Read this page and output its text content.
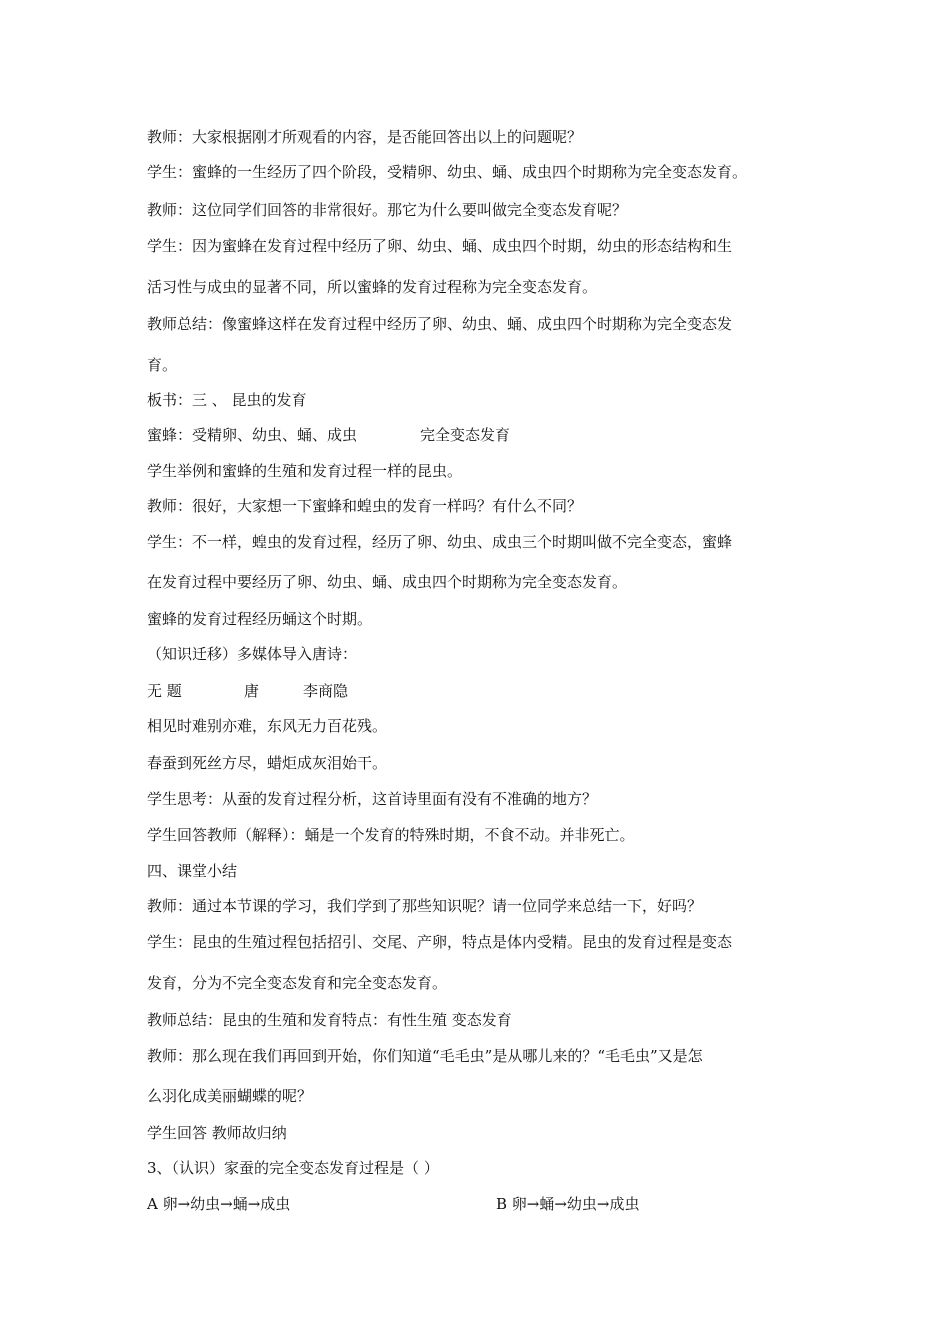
教师：大家根据刚才所观看的内容，是否能回答出以上的问题呢？
学生：蜜蜂的一生经历了四个阶段，受精卵、幼虫、蛹、成虫四个时期称为完全变态发育。
教师：这位同学们回答的非常很好。那它为什么要叫做完全变态发育呢？
学生：因为蜜蜂在发育过程中经历了卵、幼虫、蛹、成虫四个时期，幼虫的形态结构和生
活习性与成虫的显著不同，所以蜜蜂的发育过程称为完全变态发育。
教师总结：像蜜蜂这样在发育过程中经历了卵、幼虫、蛹、成虫四个时期称为完全变态发
育。
板书：三 、 昆虫的发育
蜜蜂：受精卵、幼虫、蛹、成虫	完全变态发育
学生举例和蜜蜂的生殖和发育过程一样的昆虫。
教师：很好，大家想一下蜜蜂和蝗虫的发育一样吗？有什么不同？
学生：不一样，蝗虫的发育过程，经历了卵、幼虫、成虫三个时期叫做不完全变态，蜜蜂
在发育过程中要经历了卵、幼虫、蛹、成虫四个时期称为完全变态发育。
蜜蜂的发育过程经历蛹这个时期。
（知识迁移）多媒体导入唐诗：
无 题	唐	李商隐
相见时难别亦难，东风无力百花残。
春蚕到死丝方尽，蜡炬成灰泪始干。
学生思考：从蚕的发育过程分析，这首诗里面有没有不准确的地方？
学生回答教师（解释）：蛹是一个发育的特殊时期，不食不动。并非死亡。
四、课堂小结
教师：通过本节课的学习，我们学到了那些知识呢？请一位同学来总结一下，好吗？
学生：昆虫的生殖过程包括招引、交尾、产卵，特点是体内受精。昆虫的发育过程是变态
发育，分为不完全变态发育和完全变态发育。
教师总结：昆虫的生殖和发育特点：有性生殖 变态发育
教师：那么现在我们再回到开始，你们知道“毛毛虫”是从哪儿来的？“毛毛虫”又是怎
么羽化成美丽蝴蝶的呢？
学生回答 教师故归纳
3、（认识）家蚕的完全变态发育过程是（ ）
A 卵→幼虫→蛹→成虫	B 卵→蛹→幼虫→成虫
